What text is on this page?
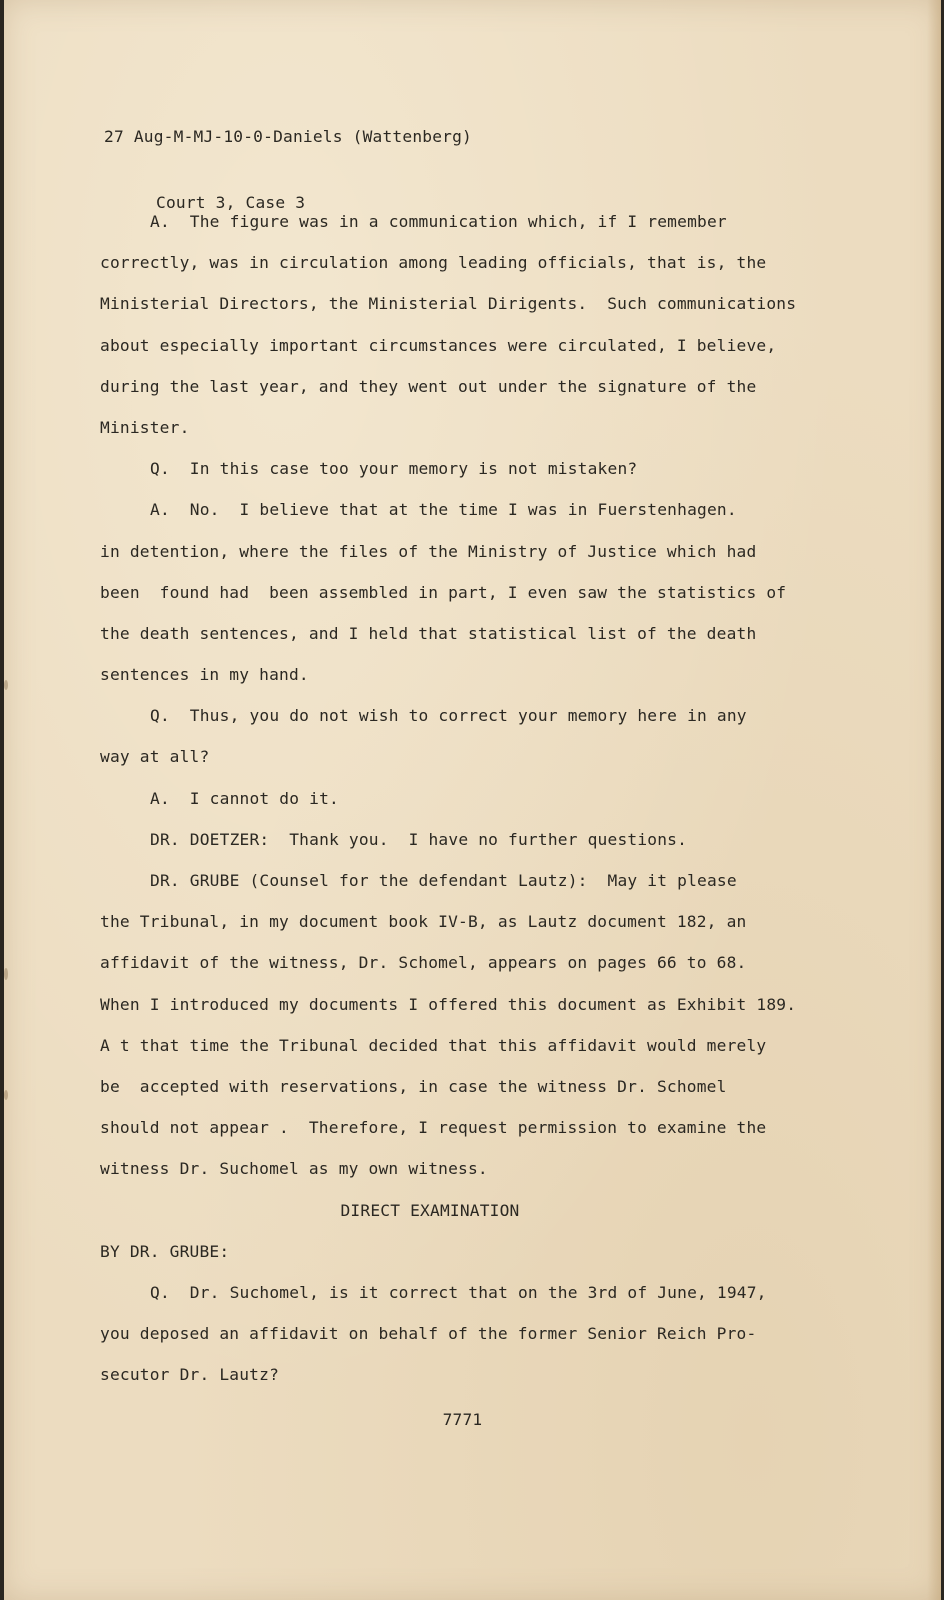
27 Aug-M-MJ-10-0-Daniels (Wattenberg)

Court 3, Case 3

A.  The figure was in a communication which, if I remember
correctly, was in circulation among leading officials, that is, the
Ministerial Directors, the Ministerial Dirigents.  Such communications
about especially important circumstances were circulated, I believe,
during the last year, and they went out under the signature of the
Minister.
Q.  In this case too your memory is not mistaken?
A.  No.  I believe that at the time I was in Fuerstenhagen.
in detention, where the files of the Ministry of Justice which had
been  found had  been assembled in part, I even saw the statistics of
the death sentences, and I held that statistical list of the death
sentences in my hand.
Q.  Thus, you do not wish to correct your memory here in any
way at all?
A.  I cannot do it.
DR. DOETZER:  Thank you.  I have no further questions.
DR. GRUBE (Counsel for the defendant Lautz):  May it please
the Tribunal, in my document book IV-B, as Lautz document 182, an
affidavit of the witness, Dr. Schomel, appears on pages 66 to 68.
When I introduced my documents I offered this document as Exhibit 189.
A t that time the Tribunal decided that this affidavit would merely
be  accepted with reservations, in case the witness Dr. Schomel
should not appear .  Therefore, I request permission to examine the
witness Dr. Suchomel as my own witness.
DIRECT EXAMINATION
BY DR. GRUBE:
Q.  Dr. Suchomel, is it correct that on the 3rd of June, 1947,
you deposed an affidavit on behalf of the former Senior Reich Pro-
secutor Dr. Lautz?
7771
